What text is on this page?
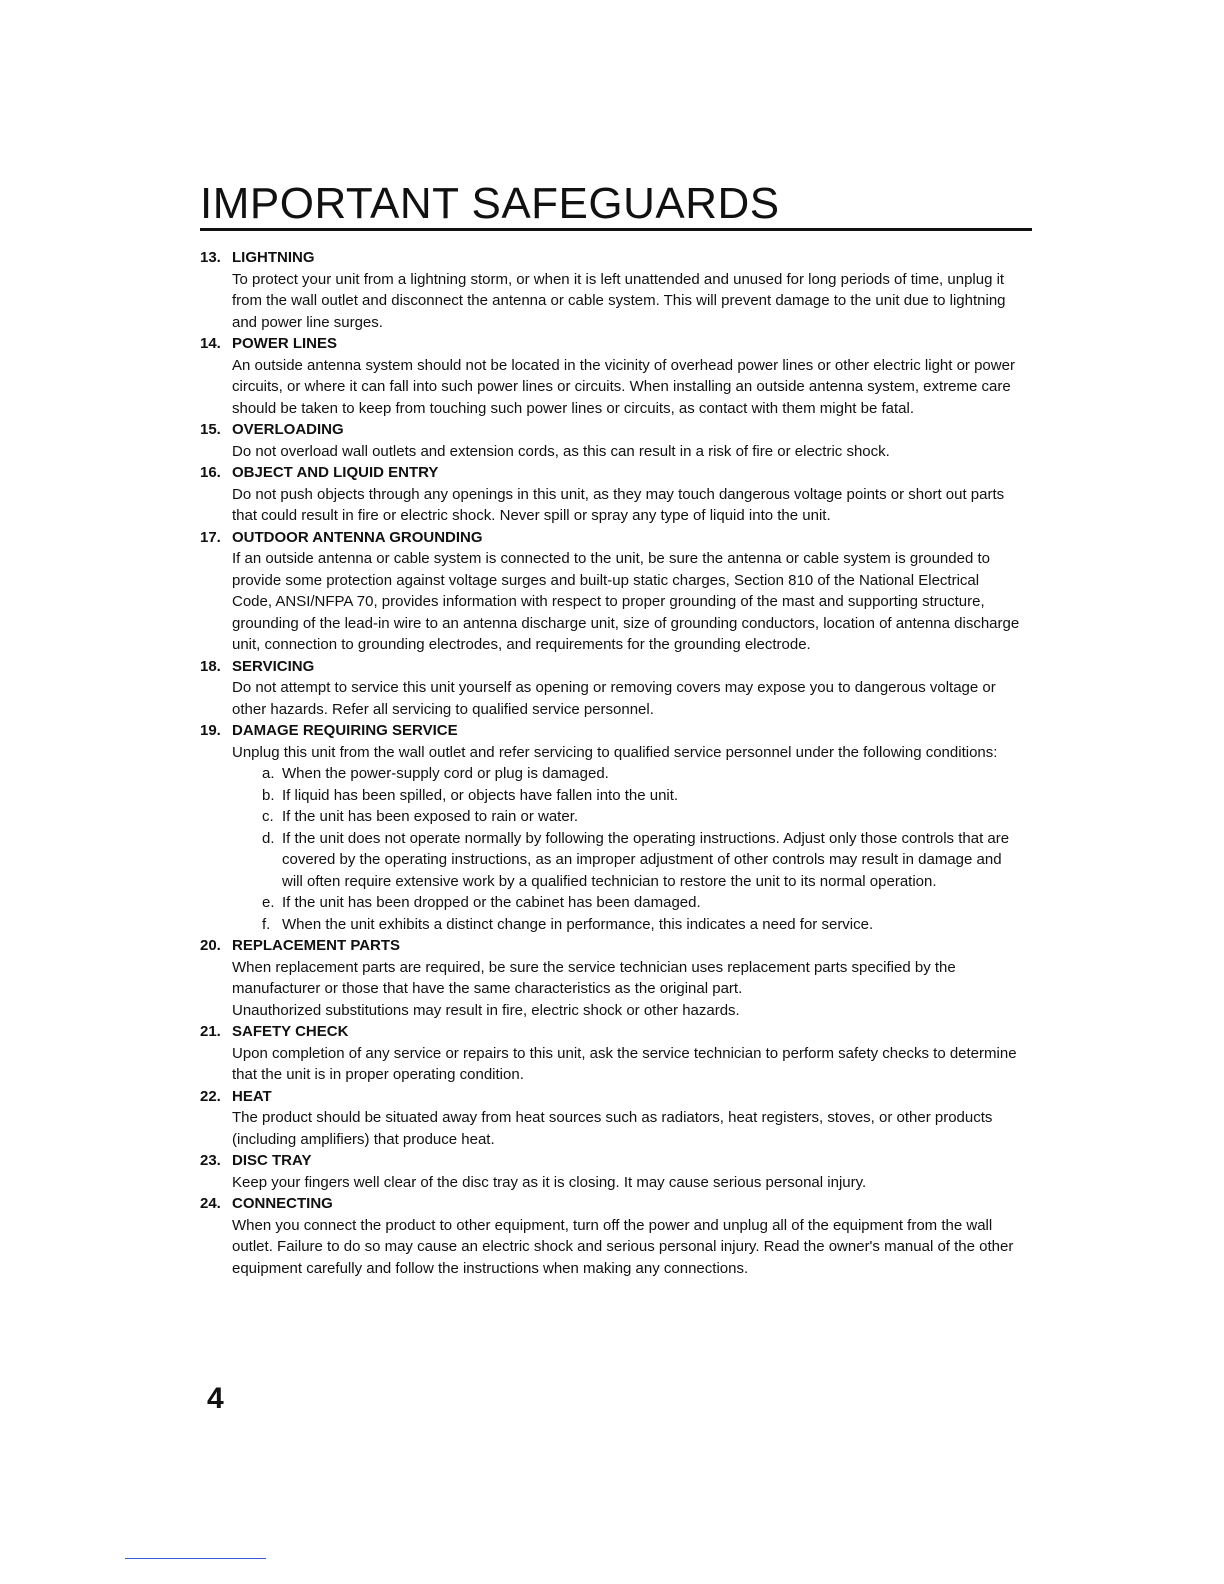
IMPORTANT SAFEGUARDS
13. LIGHTNING

To protect your unit from a lightning storm, or when it is left unattended and unused for long periods of time, unplug it from the wall outlet and disconnect the antenna or cable system. This will prevent damage to the unit due to lightning and power line surges.

14. POWER LINES

An outside antenna system should not be located in the vicinity of overhead power lines or other electric light or power circuits, or where it can fall into such power lines or circuits. When installing an outside antenna system, extreme care should be taken to keep from touching such power lines or circuits, as contact with them might be fatal.

15. OVERLOADING

Do not overload wall outlets and extension cords, as this can result in a risk of fire or electric shock.

16. OBJECT AND LIQUID ENTRY

Do not push objects through any openings in this unit, as they may touch dangerous voltage points or short out parts that could result in fire or electric shock. Never spill or spray any type of liquid into the unit.

17. OUTDOOR ANTENNA GROUNDING

If an outside antenna or cable system is connected to the unit, be sure the antenna or cable system is grounded to provide some protection against voltage surges and built-up static charges, Section 810 of the National Electrical Code, ANSI/NFPA 70, provides information with respect to proper grounding of the mast and supporting structure, grounding of the lead-in wire to an antenna discharge unit, size of grounding conductors, location of antenna discharge unit, connection to grounding electrodes, and requirements for the grounding electrode.

18. SERVICING

Do not attempt to service this unit yourself as opening or removing covers may expose you to dangerous voltage or other hazards. Refer all servicing to qualified service personnel.

19. DAMAGE REQUIRING SERVICE

Unplug this unit from the wall outlet and refer servicing to qualified service personnel under the following conditions:

a. When the power-supply cord or plug is damaged.
b. If liquid has been spilled, or objects have fallen into the unit.
c. If the unit has been exposed to rain or water.
d. If the unit does not operate normally by following the operating instructions. Adjust only those controls that are covered by the operating instructions, as an improper adjustment of other controls may result in damage and will often require extensive work by a qualified technician to restore the unit to its normal operation.
e. If the unit has been dropped or the cabinet has been damaged.
f. When the unit exhibits a distinct change in performance, this indicates a need for service.
20. REPLACEMENT PARTS

When replacement parts are required, be sure the service technician uses replacement parts specified by the manufacturer or those that have the same characteristics as the original part.

Unauthorized substitutions may result in fire, electric shock or other hazards.

21. SAFETY CHECK

Upon completion of any service or repairs to this unit, ask the service technician to perform safety checks to determine that the unit is in proper operating condition.

22. HEAT

The product should be situated away from heat sources such as radiators, heat registers, stoves, or other products (including amplifiers) that produce heat.

23. DISC TRAY

Keep your fingers well clear of the disc tray as it is closing. It may cause serious personal injury.

24. CONNECTING

When you connect the product to other equipment, turn off the power and unplug all of the equipment from the wall outlet. Failure to do so may cause an electric shock and serious personal injury. Read the owner's manual of the other equipment carefully and follow the instructions when making any connections.

4
